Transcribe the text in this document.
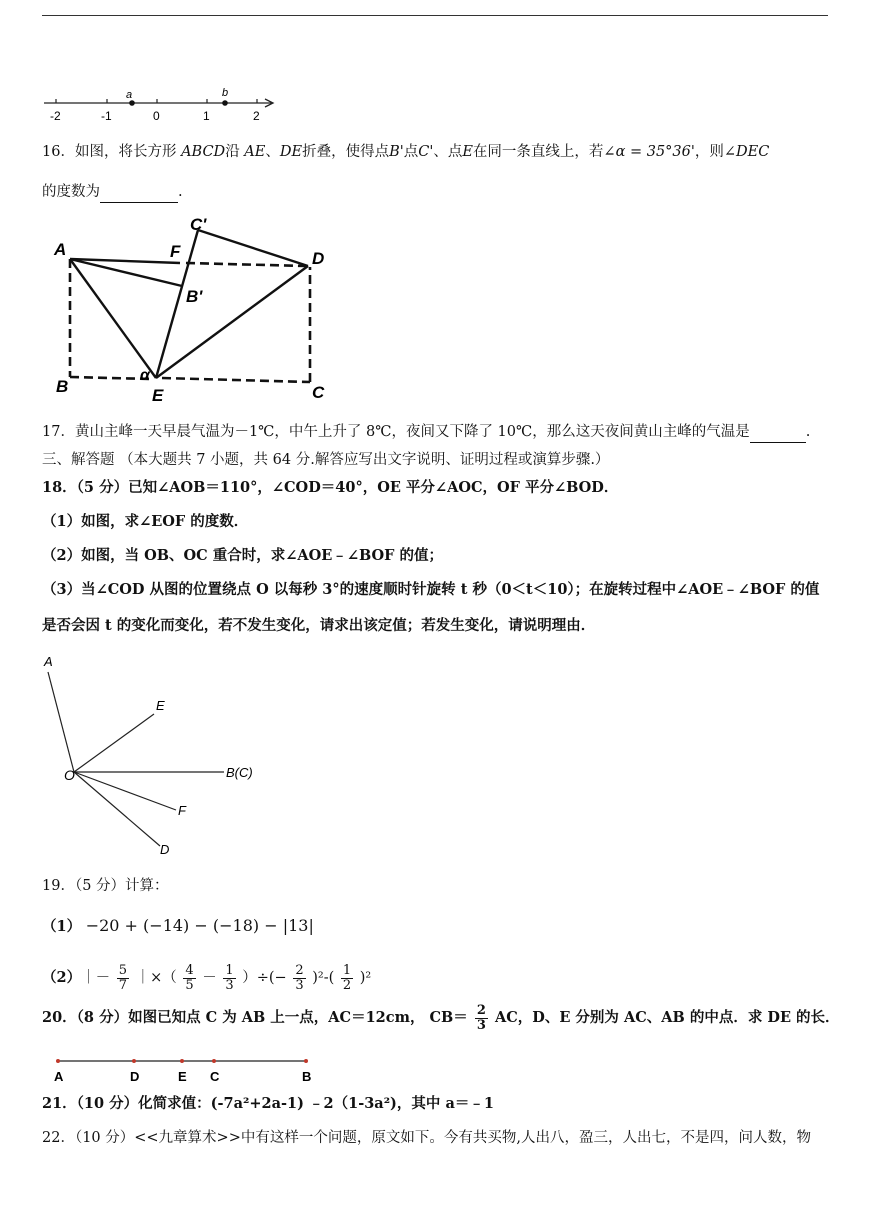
a	b
-2	-1	0	1	2
16．如图，将长方形 ABCD沿 AE、DE折叠，使得点B'点C'、点E在同一条直线上，若∠α = 35°36'，则∠DEC
的度数为	.
A	F
C'
D
B'
B
α
E	C
17．黄山主峰一天早晨气温为－1℃，中午上升了 8℃，夜间又下降了 10℃，那么这天夜间黄山主峰的气温是	.
三、解答题 （本大题共 7 小题，共 64 分.解答应写出文字说明、证明过程或演算步骤.）
18．（5 分）已知∠AOB＝110°，∠COD＝40°，OE 平分∠AOC，OF 平分∠BOD．
（1）如图，求∠EOF 的度数．
（2）如图，当 OB、OC 重合时，求∠AOE﹣∠BOF 的值；
（3）当∠COD 从图的位置绕点 O 以每秒 3°的速度顺时针旋转 t 秒（0＜t＜10）；在旋转过程中∠AOE﹣∠BOF 的值
是否会因 t 的变化而变化，若不发生变化，请求出该定值；若发生变化，请说明理由．
A
E
O	B(C)
F
D
19．（5 分）计算：
（1） −20 + (−14) − (−18) − |13|
（2）｜－ $\frac{5}{7}$ ｜×（ $\frac{4}{5} - \frac{1}{3}$ ）÷(− $\frac{2}{3} )^2-( \frac{1}{2} )^2$
20．（8 分）如图已知点 C 为 AB 上一点，AC＝12cm， $CB= \frac{2}{3}$ AC，D、E 分别为 AC、AB 的中点．求 DE 的长．
A	D	E C	B
21．（10 分）化简求值：(-7a²+2a-1) ﹣2（1-3a²)，其中 a＝﹣1
22．（10 分）<<九章算术>>中有这样一个问题，原文如下。今有共买物,人出八，盈三，人出七，不是四，问人数，物
